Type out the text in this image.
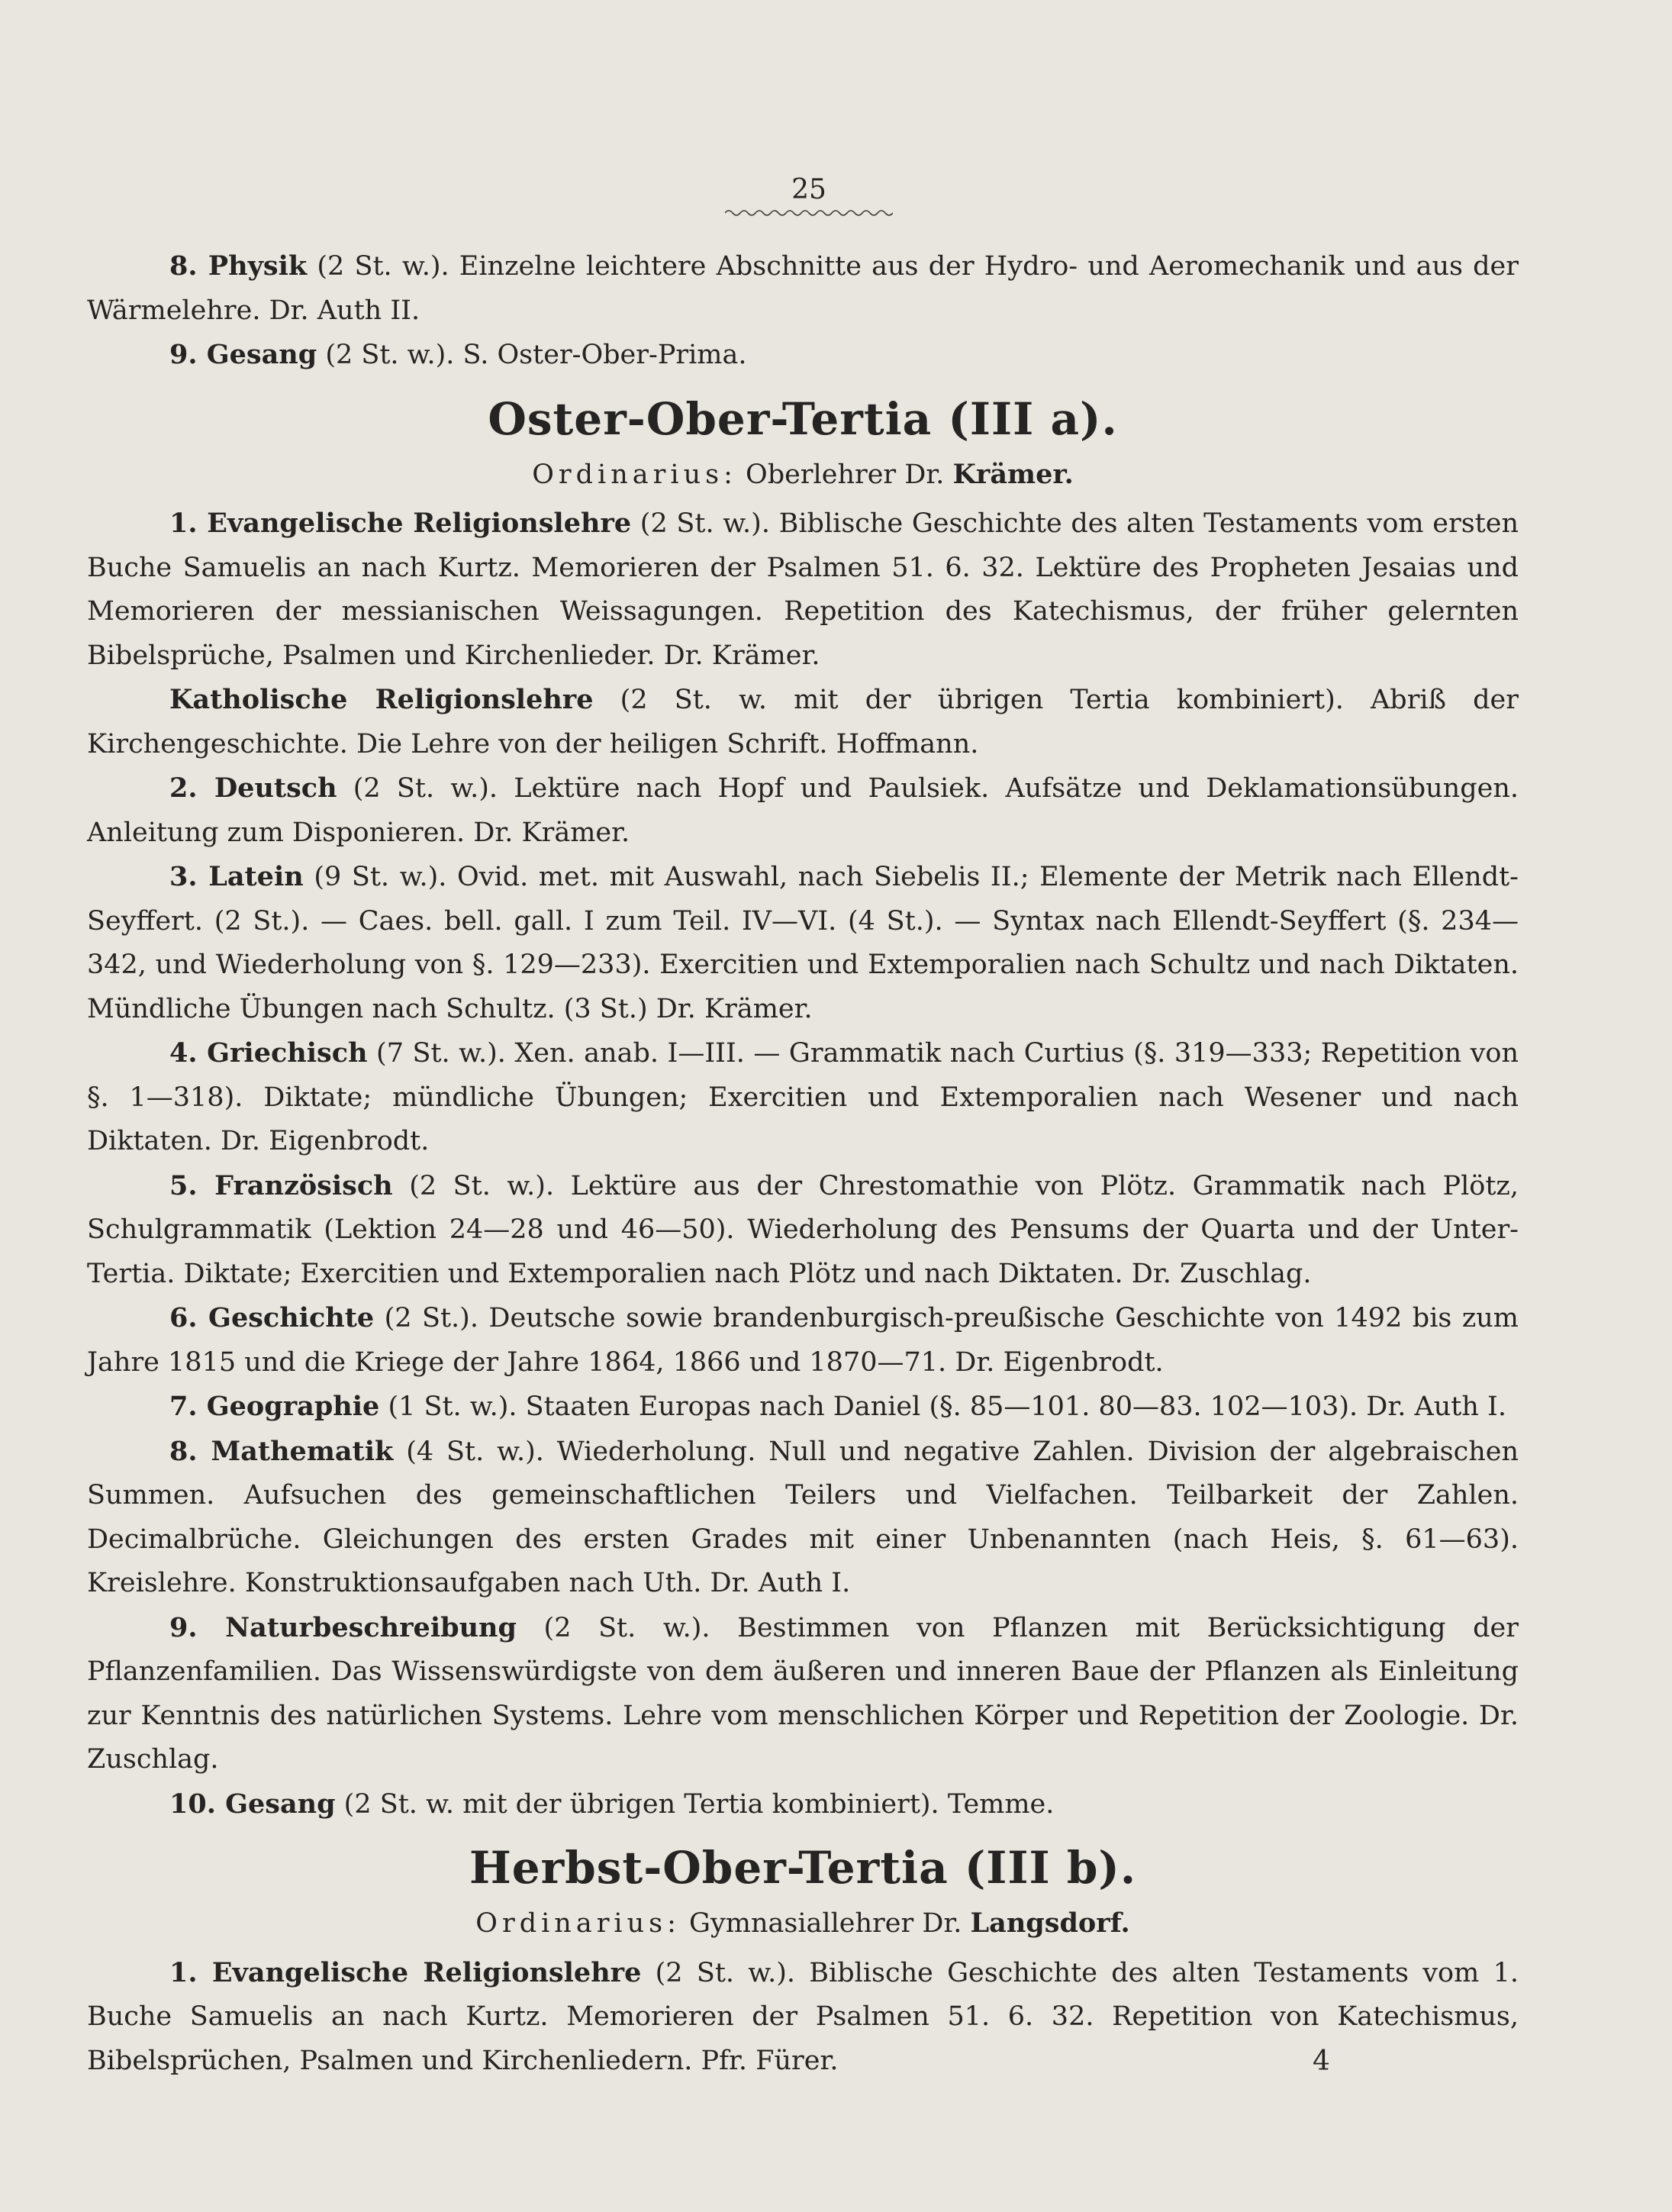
25

8. Physik (2 St. w.). Einzelne leichtere Abschnitte aus der Hydro- und Aeromechanik und aus der Wärmelehre. Dr. Auth II.

9. Gesang (2 St. w.). S. Oster-Ober-Prima.

Oster-Ober-Tertia (III a).
Ordinarius: Oberlehrer Dr. Krämer.

1. Evangelische Religionslehre (2 St. w.). Biblische Geschichte des alten Testaments vom ersten Buche Samuelis an nach Kurtz. Memorieren der Psalmen 51. 6. 32. Lektüre des Propheten Jesaias und Memorieren der messianischen Weissagungen. Repetition des Katechismus, der früher gelernten Bibelsprüche, Psalmen und Kirchenlieder. Dr. Krämer.

Katholische Religionslehre (2 St. w. mit der übrigen Tertia kombiniert). Abriß der Kirchengeschichte. Die Lehre von der heiligen Schrift. Hoffmann.

2. Deutsch (2 St. w.). Lektüre nach Hopf und Paulsiek. Aufsätze und Deklamationsübungen. Anleitung zum Disponieren. Dr. Krämer.

3. Latein (9 St. w.). Ovid. met. mit Auswahl, nach Siebelis II.; Elemente der Metrik nach Ellendt-Seyffert. (2 St.). — Caes. bell. gall. I zum Teil. IV—VI. (4 St.). — Syntax nach Ellendt-Seyffert (§. 234—342, und Wiederholung von §. 129—233). Exercitien und Extemporalien nach Schultz und nach Diktaten. Mündliche Übungen nach Schultz. (3 St.) Dr. Krämer.

4. Griechisch (7 St. w.). Xen. anab. I—III. — Grammatik nach Curtius (§. 319—333; Repetition von §. 1—318). Diktate; mündliche Übungen; Exercitien und Extemporalien nach Wesener und nach Diktaten. Dr. Eigenbrodt.

5. Französisch (2 St. w.). Lektüre aus der Chrestomathie von Plötz. Grammatik nach Plötz, Schulgrammatik (Lektion 24—28 und 46—50). Wiederholung des Pensums der Quarta und der Unter-Tertia. Diktate; Exercitien und Extemporalien nach Plötz und nach Diktaten. Dr. Zuschlag.

6. Geschichte (2 St.). Deutsche sowie brandenburgisch-preußische Geschichte von 1492 bis zum Jahre 1815 und die Kriege der Jahre 1864, 1866 und 1870—71. Dr. Eigenbrodt.

7. Geographie (1 St. w.). Staaten Europas nach Daniel (§. 85—101. 80—83. 102—103). Dr. Auth I.

8. Mathematik (4 St. w.). Wiederholung. Null und negative Zahlen. Division der algebraischen Summen. Aufsuchen des gemeinschaftlichen Teilers und Vielfachen. Teilbarkeit der Zahlen. Decimalbrüche. Gleichungen des ersten Grades mit einer Unbenannten (nach Heis, §. 61—63). Kreislehre. Konstruktionsaufgaben nach Uth. Dr. Auth I.

9. Naturbeschreibung (2 St. w.). Bestimmen von Pflanzen mit Berücksichtigung der Pflanzenfamilien. Das Wissenswürdigste von dem äußeren und inneren Baue der Pflanzen als Einleitung zur Kenntnis des natürlichen Systems. Lehre vom menschlichen Körper und Repetition der Zoologie. Dr. Zuschlag.

10. Gesang (2 St. w. mit der übrigen Tertia kombiniert). Temme.

Herbst-Ober-Tertia (III b).
Ordinarius: Gymnasiallehrer Dr. Langsdorf.

1. Evangelische Religionslehre (2 St. w.). Biblische Geschichte des alten Testaments vom 1. Buche Samuelis an nach Kurtz. Memorieren der Psalmen 51. 6. 32. Repetition von Katechismus, Bibelsprüchen, Psalmen und Kirchenliedern. Pfr. Fürer.	4
